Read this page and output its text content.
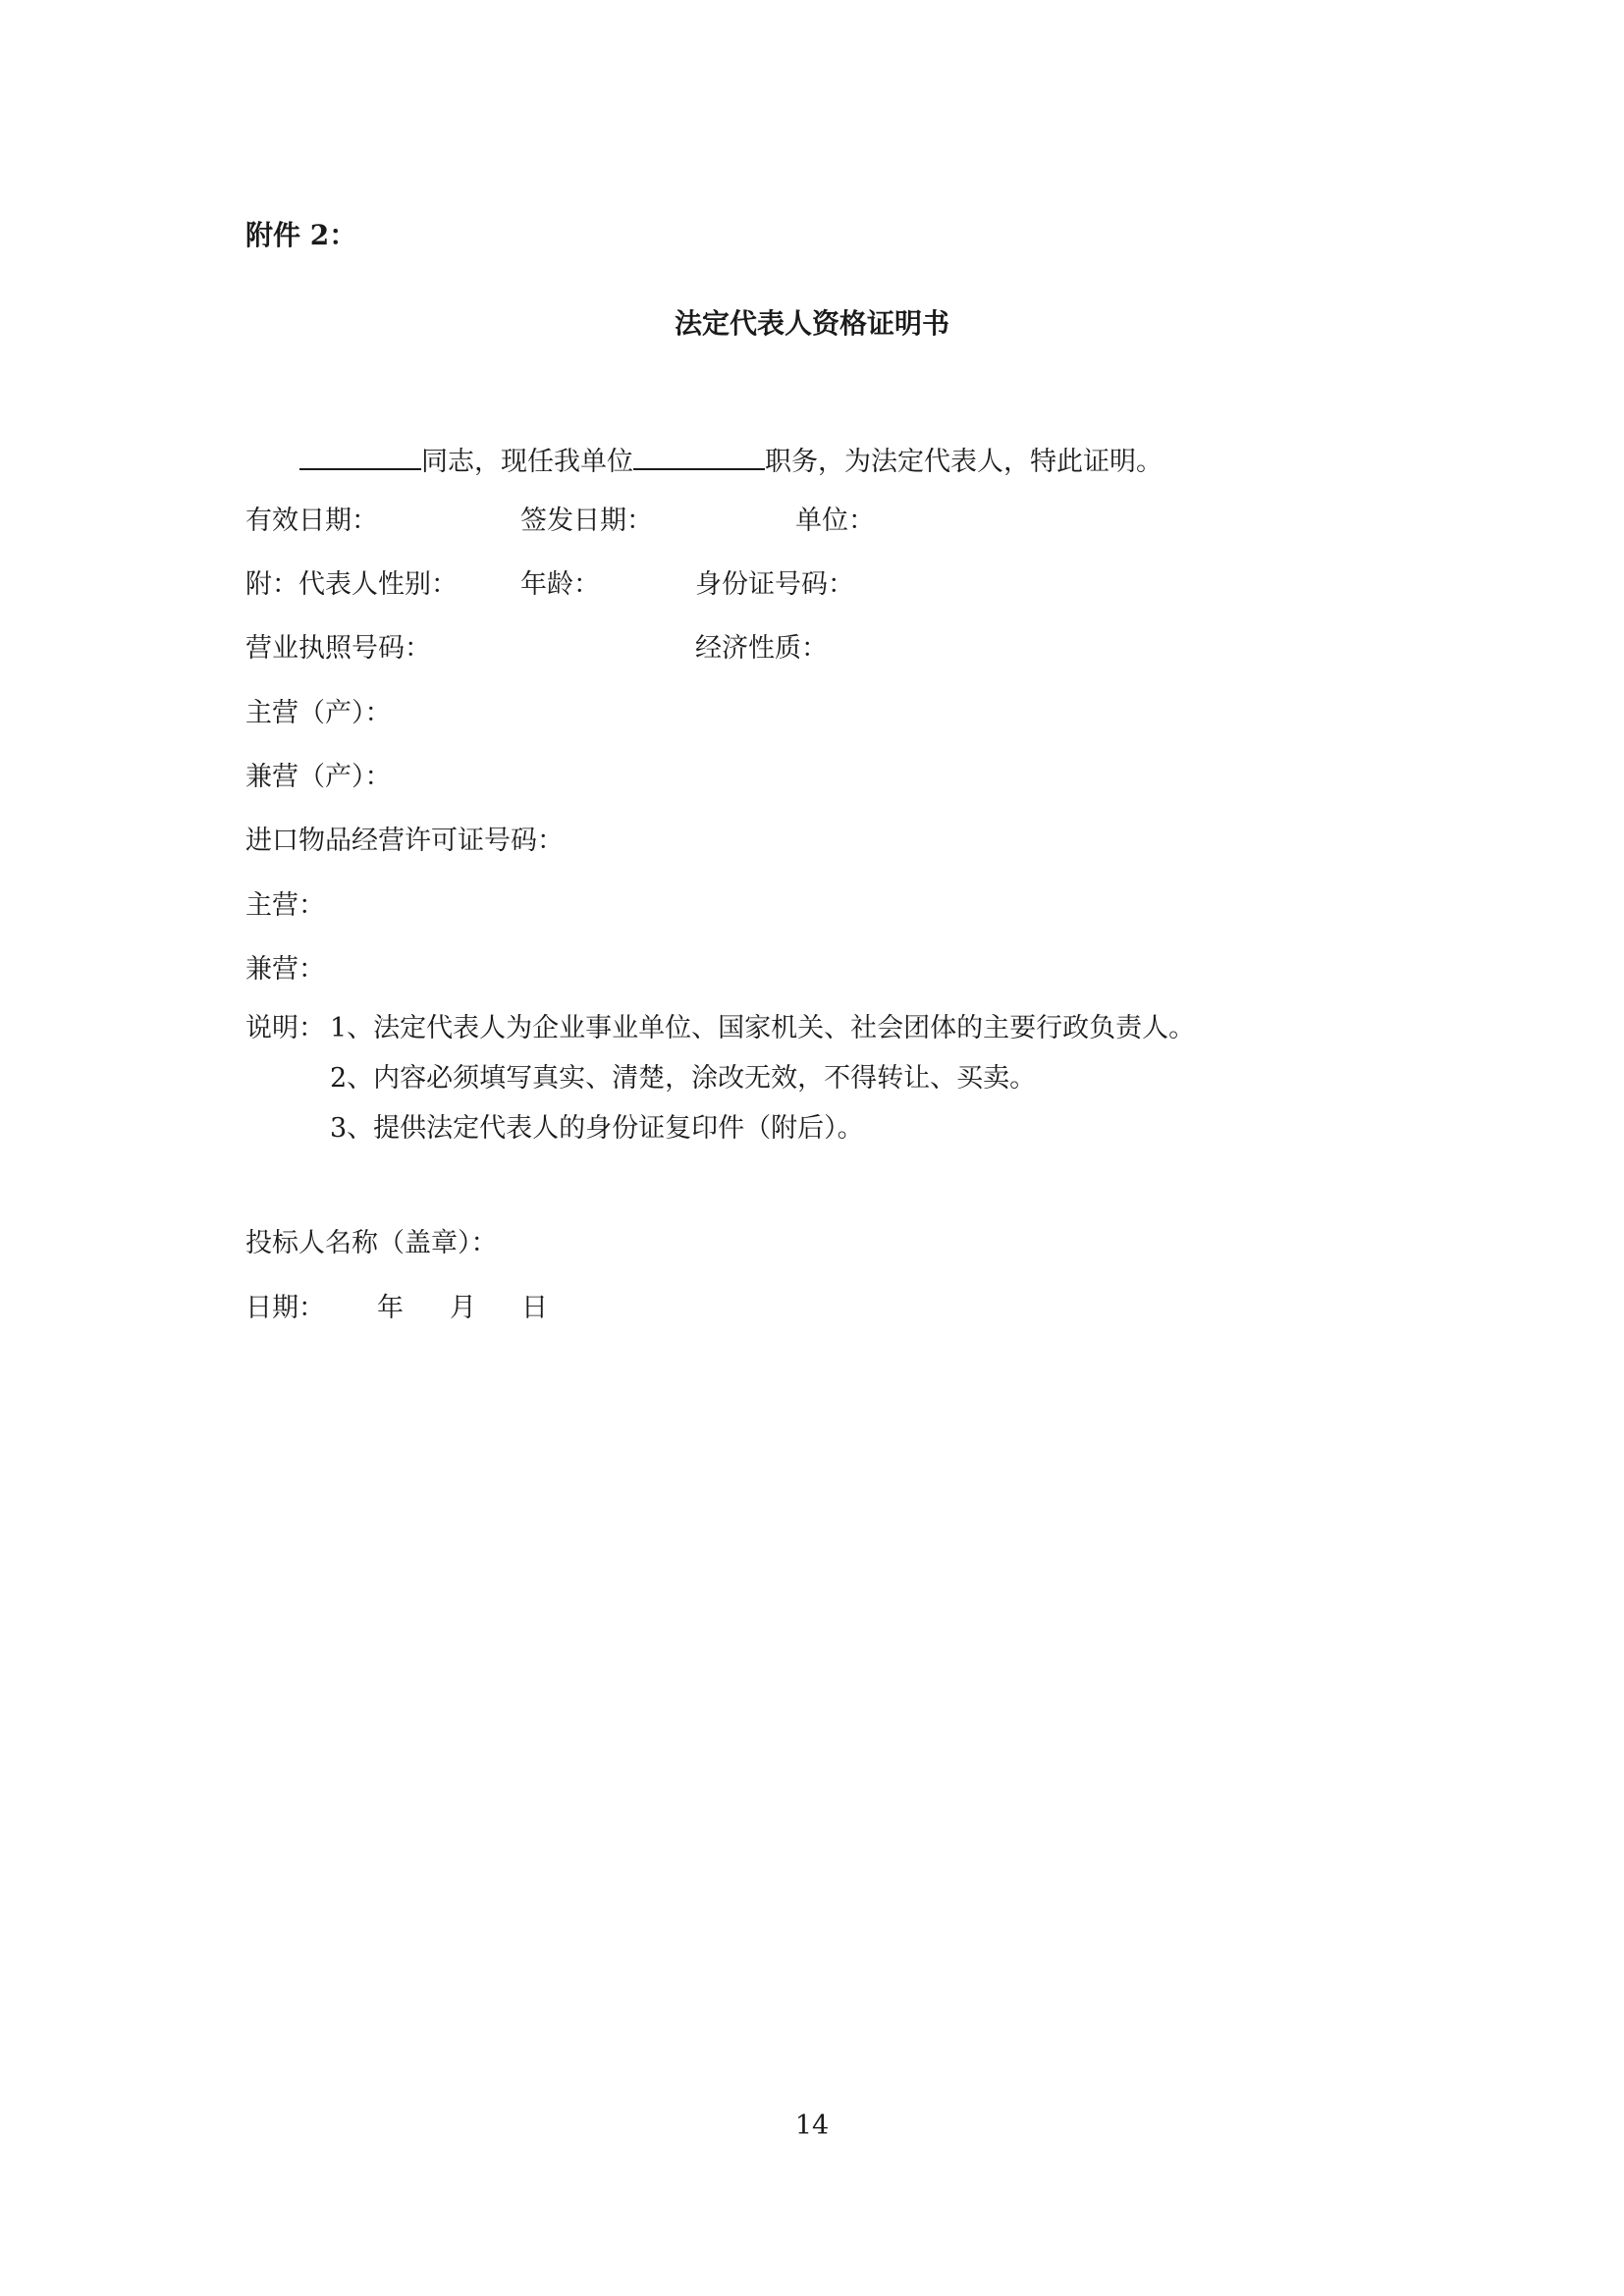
附件 2：
法定代表人资格证明书
同志，现任我单位	职务，为法定代表人，特此证明。
有效日期：	签发日期：	单位：
附：代表人性别： 年龄：	身份证号码：
营业执照号码：	经济性质：
主营（产）：
兼营（产）：
进口物品经营许可证号码：
主营：
兼营：
说明： 1、法定代表人为企业事业单位、国家机关、社会团体的主要行政负责人。
2、内容必须填写真实、清楚，涂改无效，不得转让、买卖。
3、提供法定代表人的身份证复印件（附后）。
投标人名称（盖章）：
日期： 年 月 日
14
